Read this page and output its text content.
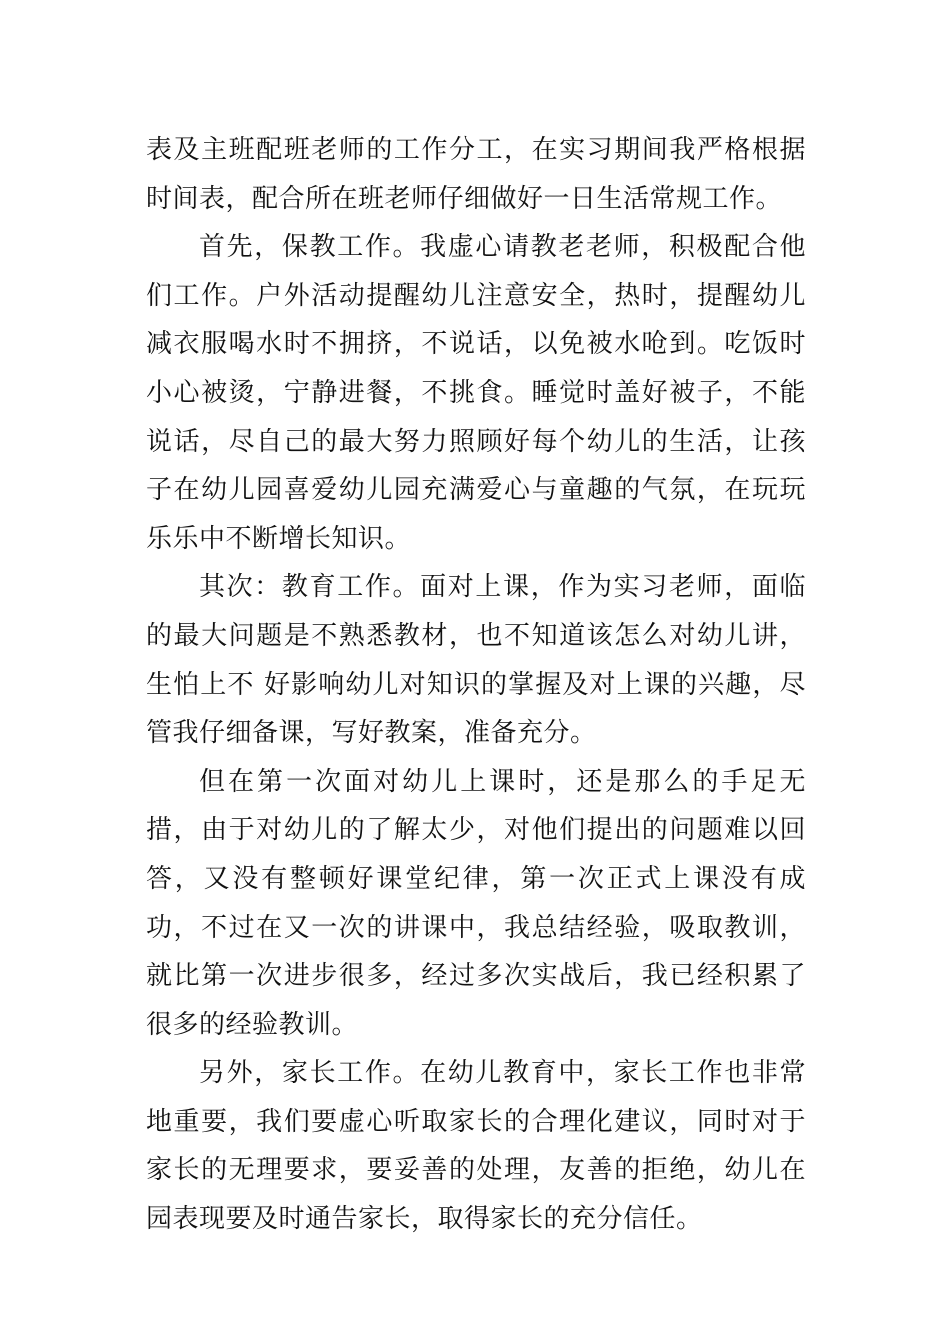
表及主班配班老师的工作分工，在实习期间我严格根据时间表，配合所在班老师仔细做好一日生活常规工作。

首先，保教工作。我虚心请教老老师，积极配合他们工作。户外活动提醒幼儿注意安全，热时，提醒幼儿减衣服喝水时不拥挤，不说话，以免被水呛到。吃饭时小心被烫，宁静进餐，不挑食。睡觉时盖好被子，不能说话，尽自己的最大努力照顾好每个幼儿的生活，让孩子在幼儿园喜爱幼儿园充满爱心与童趣的气氛，在玩玩乐乐中不断增长知识。

其次：教育工作。面对上课，作为实习老师，面临的最大问题是不熟悉教材，也不知道该怎么对幼儿讲，生怕上不 好影响幼儿对知识的掌握及对上课的兴趣，尽管我仔细备课，写好教案，准备充分。

但在第一次面对幼儿上课时，还是那么的手足无措，由于对幼儿的了解太少，对他们提出的问题难以回答，又没有整顿好课堂纪律，第一次正式上课没有成功，不过在又一次的讲课中，我总结经验，吸取教训，就比第一次进步很多，经过多次实战后，我已经积累了很多的经验教训。

另外，家长工作。在幼儿教育中，家长工作也非常地重要，我们要虚心听取家长的合理化建议，同时对于家长的无理要求，要妥善的处理，友善的拒绝，幼儿在园表现要及时通告家长，取得家长的充分信任。
